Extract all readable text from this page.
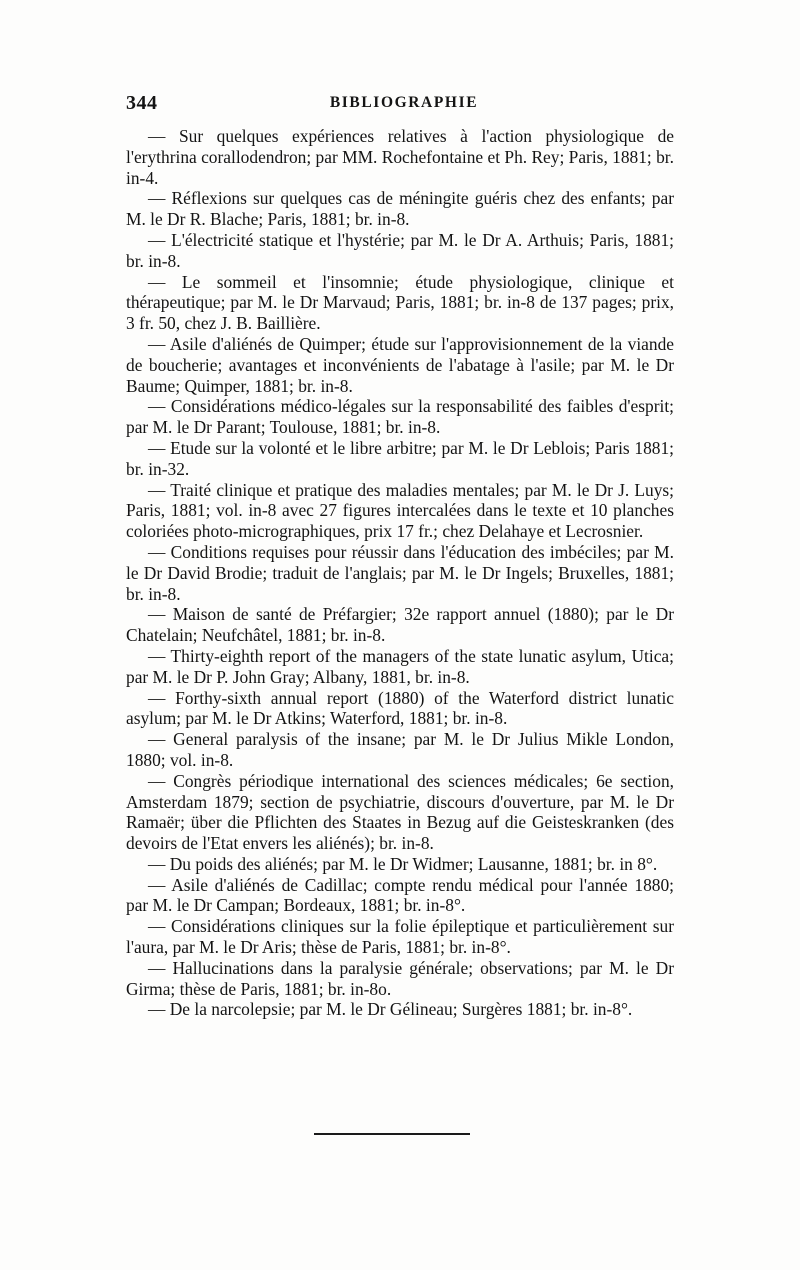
344	BIBLIOGRAPHIE

— Sur quelques expériences relatives à l'action physiologique de l'erythrina corallodendron; par MM. Rochefontaine et Ph. Rey; Paris, 1881; br. in-4.

— Réflexions sur quelques cas de méningite guéris chez des enfants; par M. le Dr R. Blache; Paris, 1881; br. in-8.

— L'électricité statique et l'hystérie; par M. le Dr A. Arthuis; Paris, 1881; br. in-8.

— Le sommeil et l'insomnie; étude physiologique, clinique et thérapeutique; par M. le Dr Marvaud; Paris, 1881; br. in-8 de 137 pages; prix, 3 fr. 50, chez J. B. Baillière.

— Asile d'aliénés de Quimper; étude sur l'approvisionnement de la viande de boucherie; avantages et inconvénients de l'abatage à l'asile; par M. le Dr Baume; Quimper, 1881; br. in-8.

— Considérations médico-légales sur la responsabilité des faibles d'esprit; par M. le Dr Parant; Toulouse, 1881; br. in-8.

— Etude sur la volonté et le libre arbitre; par M. le Dr Leblois; Paris 1881; br. in-32.

— Traité clinique et pratique des maladies mentales; par M. le Dr J. Luys; Paris, 1881; vol. in-8 avec 27 figures intercalées dans le texte et 10 planches coloriées photo-micrographiques, prix 17 fr.; chez Delahaye et Lecrosnier.

— Conditions requises pour réussir dans l'éducation des imbéciles; par M. le Dr David Brodie; traduit de l'anglais; par M. le Dr Ingels; Bruxelles, 1881; br. in-8.

— Maison de santé de Préfargier; 32e rapport annuel (1880); par le Dr Chatelain; Neufchâtel, 1881; br. in-8.

— Thirty-eighth report of the managers of the state lunatic asylum, Utica; par M. le Dr P. John Gray; Albany, 1881, br. in-8.

— Forthy-sixth annual report (1880) of the Waterford district lunatic asylum; par M. le Dr Atkins; Waterford, 1881; br. in-8.

— General paralysis of the insane; par M. le Dr Julius Mikle London, 1880; vol. in-8.

— Congrès périodique international des sciences médicales; 6e section, Amsterdam 1879; section de psychiatrie, discours d'ouverture, par M. le Dr Ramaër; über die Pflichten des Staates in Bezug auf die Geisteskranken (des devoirs de l'Etat envers les aliénés); br. in-8.

— Du poids des aliénés; par M. le Dr Widmer; Lausanne, 1881; br. in 8°.

— Asile d'aliénés de Cadillac; compte rendu médical pour l'année 1880; par M. le Dr Campan; Bordeaux, 1881; br. in-8°.

— Considérations cliniques sur la folie épileptique et particulièrement sur l'aura, par M. le Dr Aris; thèse de Paris, 1881; br. in-8°.

— Hallucinations dans la paralysie générale; observations; par M. le Dr Girma; thèse de Paris, 1881; br. in-8o.

— De la narcolepsie; par M. le Dr Gélineau; Surgères 1881; br. in-8°.
